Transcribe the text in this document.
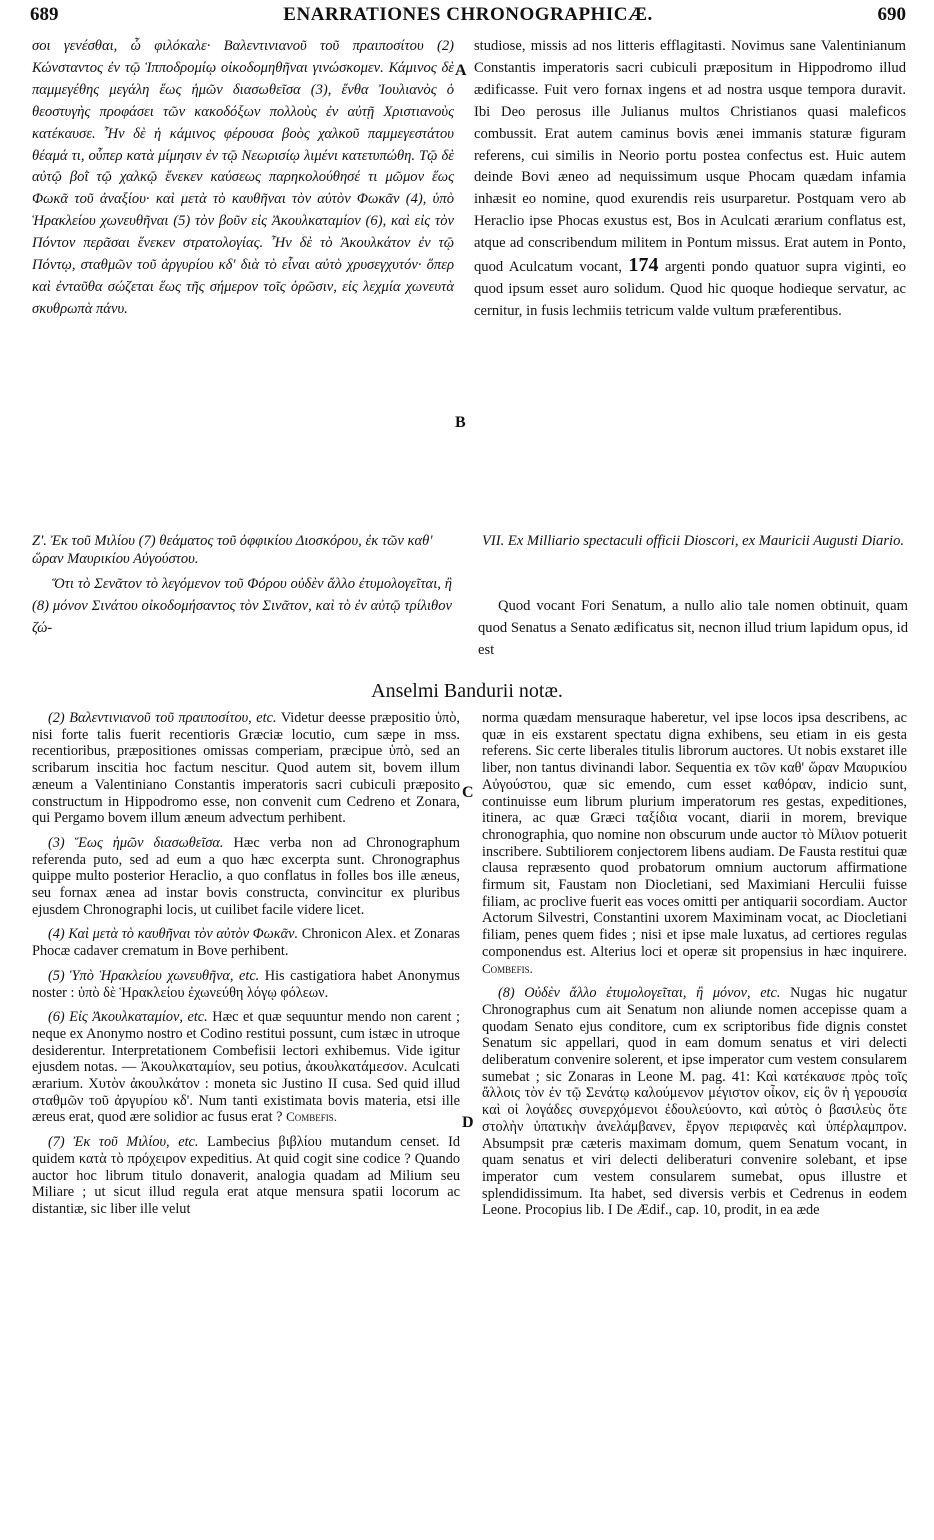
689	ENARRATIONES CHRONOGRAPHICÆ.	690
σοι γενέσθαι, ὦ φιλόκαλε· Βαλεντινιανοῦ τοῦ πραιποσίτου (2) Κώνσταντος ἐν τῷ Ἱπποδρομίῳ οἰκοδομηθῆναι γινώσκομεν. Κάμινος δὲ παμμεγέθης μεγάλη ἕως ἡμῶν διασωθεῖσα (3), ἔνθα Ἰουλιανὸς ὁ θεοστυγὴς προφάσει τῶν κακοδόξων πολλοὺς ἐν αὐτῇ Χριστιανοὺς κατέκαυσε. Ἦν δὲ ἡ κάμινος φέρουσα βοὸς χαλκοῦ παμμεγεστάτου θέαμά τι, οὗπερ κατὰ μίμησιν ἐν τῷ Νεωρισίῳ λιμένι κατετυπώθη. Τῷ δὲ αὐτῷ βοῒ τῷ χαλκῷ ἕνεκεν καύσεως παρηκολούθησέ τι μῶμον ἕως Φωκᾶ τοῦ ἀναξίου· καὶ μετὰ τὸ καυθῆναι τὸν αὐτὸν Φωκᾶν (4), ὑπὸ Ἡρακλείου χωνευθῆναι (5) τὸν βοῦν εἰς Ἀκουλκαταμίον (6), καὶ εἰς τὸν Πόντον περᾶσαι ἕνεκεν στρατολογίας. Ἦν δὲ τὸ Ἀκουλκάτον ἐν τῷ Πόντῳ, σταθμῶν τοῦ ἀργυρίου κδ' διὰ τὸ εἶναι αὐτὸ χρυσεγχυτόν· ὅπερ καὶ ἐνταῦθα σώζεται ἕως τῆς σήμερον τοῖς ὁρῶσιν, εἰς λεχμία χωνευτὰ σκυθρωπὰ πάνυ.
studiose, missis ad nos litteris efflagitasti. Novimus sane Valentinianum Constantis imperatoris sacri cubiculi præpositum in Hippodromo illud ædificasse. Fuit vero fornax ingens et ad nostra usque tempora duravit. Ibi Deo perosus ille Julianus multos Christianos quasi maleficos combussit. Erat autem caminus bovis ænei immanis staturæ figuram referens, cui similis in Neorio portu postea confectus est. Huic autem deinde Bovi æneo ad nequissimum usque Phocam quædam infamia inhæsit eo nomine, quod exurendis reis usurparetur. Postquam vero ab Heraclio ipse Phocas exustus est, Bos in Aculcati ærarium conflatus est, atque ad conscribendum militem in Pontum missus. Erat autem in Ponto, quod Aculcatum vocant, 174 argenti pondo quatuor supra viginti, eo quod ipsum esset auro solidum. Quod hic quoque hodieque servatur, ac cernitur, in fusis lechmiis tetricum valde vultum præferentibus.
A
B
C
D
Ζ'. Ἐκ τοῦ Μιλίου (7) θεάματος τοῦ ὀφφικίου Διοσκόρου, ἐκ τῶν καθ' ὥραν Μαυρικίου Αὐγούστου.
VII. Ex Milliario spectaculi officii Dioscori, ex Mauricii Augusti Diario.
Ὅτι τὸ Σενᾶτον τὸ λεγόμενον τοῦ Φόρου οὐδὲν ἄλλο ἐτυμολογεῖται, ἢ (8) μόνον Σινάτου οἰκοδομήσαντος τὸν Σινᾶτον, καὶ τὸ ἐν αὐτῷ τρίλιθον ζώ-
Quod vocant Fori Senatum, a nullo alio tale nomen obtinuit, quam quod Senatus a Senato ædificatus sit, necnon illud trium lapidum opus, id est
Anselmi Bandurii notæ.

(2) Βαλεντινιανοῦ τοῦ πραιποσίτου, etc. Videtur deesse præpositio ὑπὸ, nisi forte talis fuerit recentioris Græciæ locutio, cum sæpe in mss. recentioribus, præpositiones omissas comperiam, præcipue ὑπὸ, sed an scribarum inscitia hoc factum nescitur. Quod autem sit, bovem illum æneum a Valentiniano Constantis imperatoris sacri cubiculi præposito constructum in Hippodromo esse, non convenit cum Cedreno et Zonara, qui Pergamo bovem illum æneum advectum perhibent.

(3) Ἕως ἡμῶν διασωθεῖσα. Hæc verba non ad Chronographum referenda puto, sed ad eum a quo hæc excerpta sunt. Chronographus quippe multo posterior Heraclio, a quo conflatus in folles bos ille æneus, seu fornax ænea ad instar bovis constructa, convincitur ex pluribus ejusdem Chronographi locis, ut cuilibet facile videre licet.

(4) Καὶ μετὰ τὸ καυθῆναι τὸν αὐτὸν Φωκᾶν. Chronicon Alex. et Zonaras Phocæ cadaver crematum in Bove perhibent.

(5) Ὑπὸ Ἡρακλείου χωνευθῆνα, etc. His castigatiora habet Anonymus noster : ὑπὸ δὲ Ἡρακλείου ἐχωνεύθη λόγῳ φόλεων.

(6) Εἰς Ἀκουλκαταμίον, etc. Hæc et quæ sequuntur mendo non carent ; neque ex Anonymo nostro et Codino restitui possunt, cum istæc in utroque desiderentur. Interpretationem Combefisii lectori exhibemus. Vide igitur ejusdem notas. — Ἀκουλκαταμίον, seu potius, ἀκουλκατάμεσον. Aculcati ærarium. Χυτὸν ἀκουλκάτον : moneta sic Justino II cusa. Sed quid illud σταθμῶν τοῦ ἀργυρίου κδ'. Num tanti existimata bovis materia, etsi ille æreus erat, quod ære solidior ac fusus erat ? Combefis.

(7) Ἐκ τοῦ Μιλίου, etc. Lambecius βιβλίου mutandum censet. Id quidem κατὰ τὸ πρόχειρον expeditius. At quid cogit sine codice ? Quando auctor hoc librum titulo donaverit, analogia quadam ad Milium seu Miliare ; ut sicut illud regula erat atque mensura spatii locorum ac distantiæ, sic liber ille velut

norma quædam mensuraque haberetur, vel ipse locos ipsa describens, ac quæ in eis exstarent spectatu digna exhibens, seu etiam in eis gesta referens. Sic certe liberales titulis librorum auctores. Ut nobis exstaret ille liber, non tantus divinandi labor. Sequentia ex τῶν καθ' ὥραν Μαυρικίου Αὐγούστου, quæ sic emendo, cum esset καθόραν, indicio sunt, continuisse eum librum plurium imperatorum res gestas, expeditiones, itinera, ac quæ Græci ταξίδια vocant, diarii in morem, brevique chronographia, quo nomine non obscurum unde auctor τὸ Μίλιον potuerit inscribere. Subtiliorem conjectorem libens audiam. De Fausta restitui quæ clausa repræsento quod probatorum omnium auctorum affirmatione firmum sit, Faustam non Diocletiani, sed Maximiani Herculii fuisse filiam, ac proclive fuerit eas voces omitti per antiquarii socordiam. Auctor Actorum Silvestri, Constantini uxorem Maximinam vocat, ac Diocletiani filiam, penes quem fides ; nisi et ipse male luxatus, ad certiores regulas componendus est. Alterius loci et operæ sit propensius in hæc inquirere. Combefis.

(8) Οὐδὲν ἄλλο ἐτυμολογεῖται, ἢ μόνον, etc. Nugas hic nugatur Chronographus cum ait Senatum non aliunde nomen accepisse quam a quodam Senato ejus conditore, cum ex scriptoribus fide dignis constet Senatum sic appellari, quod in eam domum senatus et viri delecti deliberatum convenire solerent, et ipse imperator cum vestem consularem sumebat ; sic Zonaras in Leone M. pag. 41: Καὶ κατέκαυσε πρὸς τοῖς ἄλλοις τὸν ἐν τῷ Σενάτῳ καλούμενον μέγιστον οἶκον, εἰς ὃν ἡ γερουσία καὶ οἱ λογάδες συνερχόμενοι ἐδουλεύοντο, καὶ αὐτὸς ὁ βασιλεὺς ὅτε στολὴν ὑπατικὴν ἀνελάμβανεν, ἔργον περιφανὲς καὶ ὑπέρλαμπρον. Absumpsit præ cæteris maximam domum, quem Senatum vocant, in quam senatus et viri delecti deliberaturi convenire solebant, et ipse imperator cum vestem consularem sumebat, opus illustre et splendidissimum. Ita habet, sed diversis verbis et Cedrenus in eodem Leone. Procopius lib. I De Ædif., cap. 10, prodit, in ea æde
